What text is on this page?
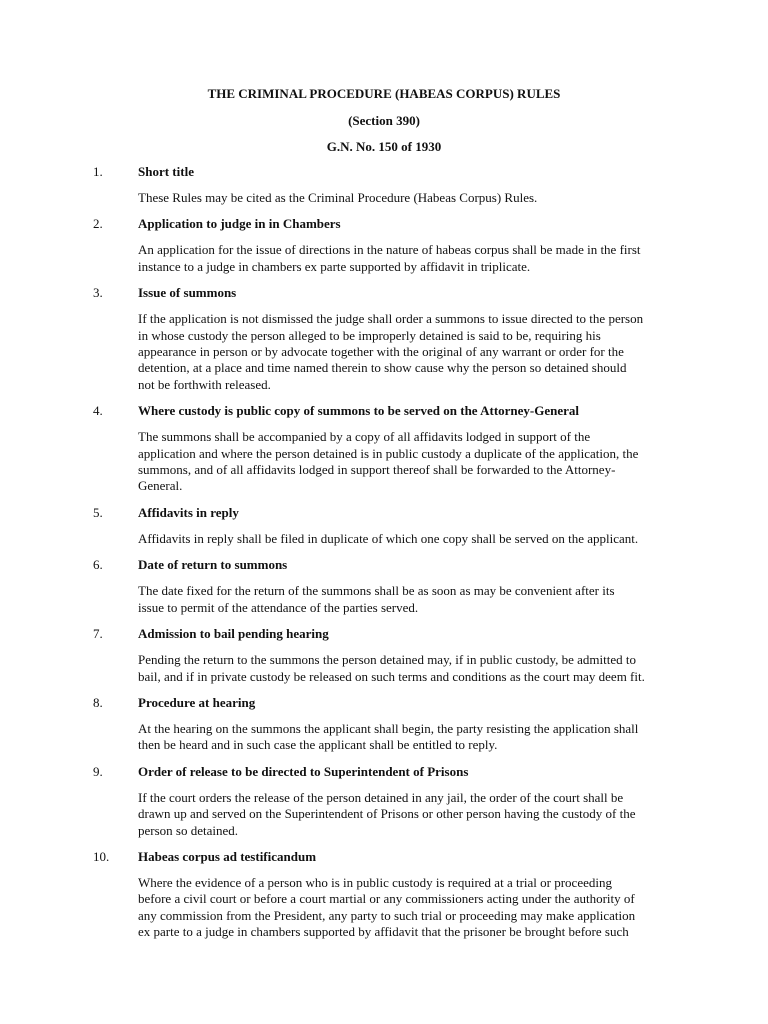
THE CRIMINAL PROCEDURE (HABEAS CORPUS) RULES
(Section 390)
G.N. No. 150 of 1930
1.	Short title
These Rules may be cited as the Criminal Procedure (Habeas Corpus) Rules.
2.	Application to judge in in Chambers
An application for the issue of directions in the nature of habeas corpus shall be made in the first
instance to a judge in chambers ex parte supported by affidavit in triplicate.
3.	Issue of summons
If the application is not dismissed the judge shall order a summons to issue directed to the person
in whose custody the person alleged to be improperly detained is said to be, requiring his
appearance in person or by advocate together with the original of any warrant or order for the
detention, at a place and time named therein to show cause why the person so detained should
not be forthwith released.
4.	Where custody is public copy of summons to be served on the Attorney-General
The summons shall be accompanied by a copy of all affidavits lodged in support of the
application and where the person detained is in public custody a duplicate of the application, the
summons, and of all affidavits lodged in support thereof shall be forwarded to the Attorney-
General.
5.	Affidavits in reply
Affidavits in reply shall be filed in duplicate of which one copy shall be served on the applicant.
6.	Date of return to summons
The date fixed for the return of the summons shall be as soon as may be convenient after its
issue to permit of the attendance of the parties served.
7.	Admission to bail pending hearing
Pending the return to the summons the person detained may, if in public custody, be admitted to
bail, and if in private custody be released on such terms and conditions as the court may deem fit.
8.	Procedure at hearing
At the hearing on the summons the applicant shall begin, the party resisting the application shall
then be heard and in such case the applicant shall be entitled to reply.
9.	Order of release to be directed to Superintendent of Prisons
If the court orders the release of the person detained in any jail, the order of the court shall be
drawn up and served on the Superintendent of Prisons or other person having the custody of the
person so detained.
10. Habeas corpus ad testificandum
Where the evidence of a person who is in public custody is required at a trial or proceeding
before a civil court or before a court martial or any commissioners acting under the authority of
any commission from the President, any party to such trial or proceeding may make application
ex parte to a judge in chambers supported by affidavit that the prisoner be brought before such
